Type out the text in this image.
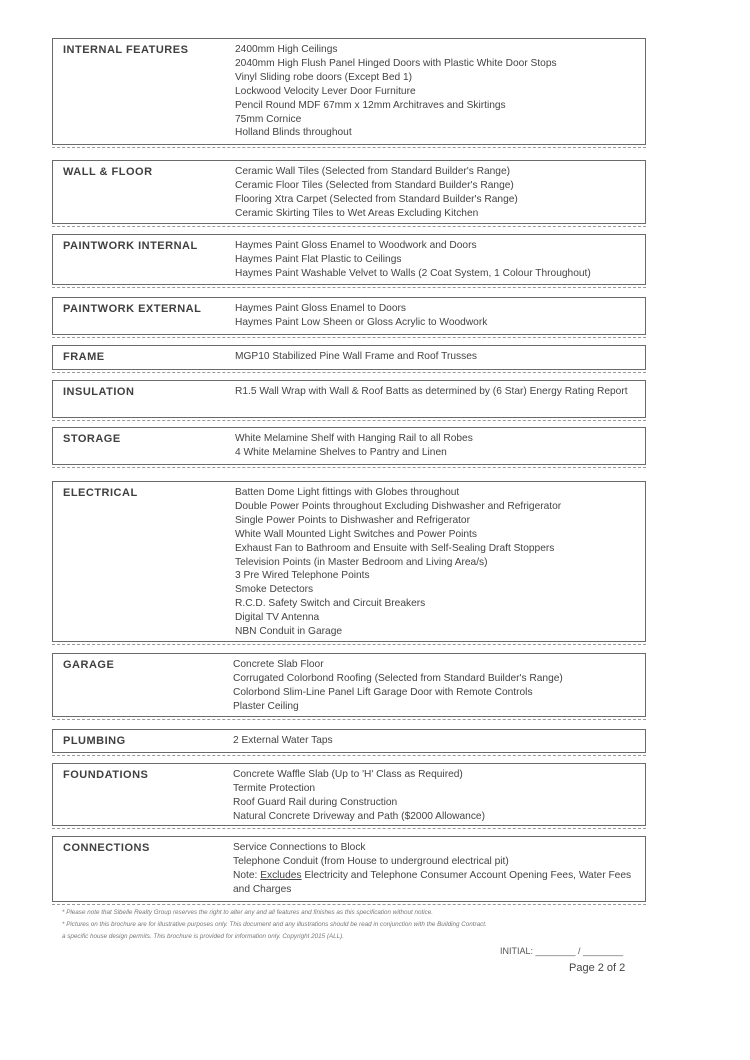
INTERNAL FEATURES	2400mm High Ceilings
2040mm High Flush Panel Hinged Doors with Plastic White Door Stops
Vinyl Sliding robe doors (Except Bed 1)
Lockwood Velocity Lever Door Furniture
Pencil Round MDF 67mm x 12mm Architraves and Skirtings
75mm Cornice
Holland Blinds throughout
WALL & FLOOR	Ceramic Wall Tiles (Selected from Standard Builder's Range)
Ceramic Floor Tiles (Selected from Standard Builder's Range)
Flooring Xtra Carpet (Selected from Standard Builder's Range)
Ceramic Skirting Tiles to Wet Areas Excluding Kitchen
PAINTWORK INTERNAL	Haymes Paint Gloss Enamel to Woodwork and Doors
Haymes Paint Flat Plastic to Ceilings
Haymes Paint Washable Velvet to Walls (2 Coat System, 1 Colour Throughout)
PAINTWORK EXTERNAL	Haymes Paint Gloss Enamel to Doors
Haymes Paint Low Sheen or Gloss Acrylic to Woodwork
FRAME	MGP10 Stabilized Pine Wall Frame and Roof Trusses
INSULATION	R1.5 Wall Wrap with Wall & Roof Batts as determined by (6 Star) Energy Rating Report
STORAGE	White Melamine Shelf with Hanging Rail to all Robes
4 White Melamine Shelves to Pantry and Linen
ELECTRICAL	Batten Dome Light fittings with Globes throughout
Double Power Points throughout Excluding Dishwasher and Refrigerator
Single Power Points to Dishwasher and Refrigerator
White Wall Mounted Light Switches and Power Points
Exhaust Fan to Bathroom and Ensuite with Self-Sealing Draft Stoppers
Television Points (in Master Bedroom and Living Area/s)
3 Pre Wired Telephone Points
Smoke Detectors
R.C.D. Safety Switch and Circuit Breakers
Digital TV Antenna
NBN Conduit in Garage
GARAGE	Concrete Slab Floor
Corrugated Colorbond Roofing (Selected from Standard Builder's Range)
Colorbond Slim-Line Panel Lift Garage Door with Remote Controls
Plaster Ceiling
PLUMBING	2 External Water Taps
FOUNDATIONS	Concrete Waffle Slab (Up to 'H' Class as Required)
Termite Protection
Roof Guard Rail during Construction
Natural Concrete Driveway and Path ($2000 Allowance)
CONNECTIONS	Service Connections to Block
Telephone Conduit (from House to underground electrical pit)
Note: Excludes Electricity and Telephone Consumer Account Opening Fees, Water Fees and Charges
* Please note that Sibelle Realty Group reserves the right to alter any and all features and finishes as this specification without notice.
* Pictures on this brochure are for illustrative purposes only. This document and any illustrations should be read in conjunction with the Building Contract.
a specific house design permits. This brochure is provided for information only. Copyright 2015 (ALL).
INITIAL: ________ / ________
Page 2 of 2
